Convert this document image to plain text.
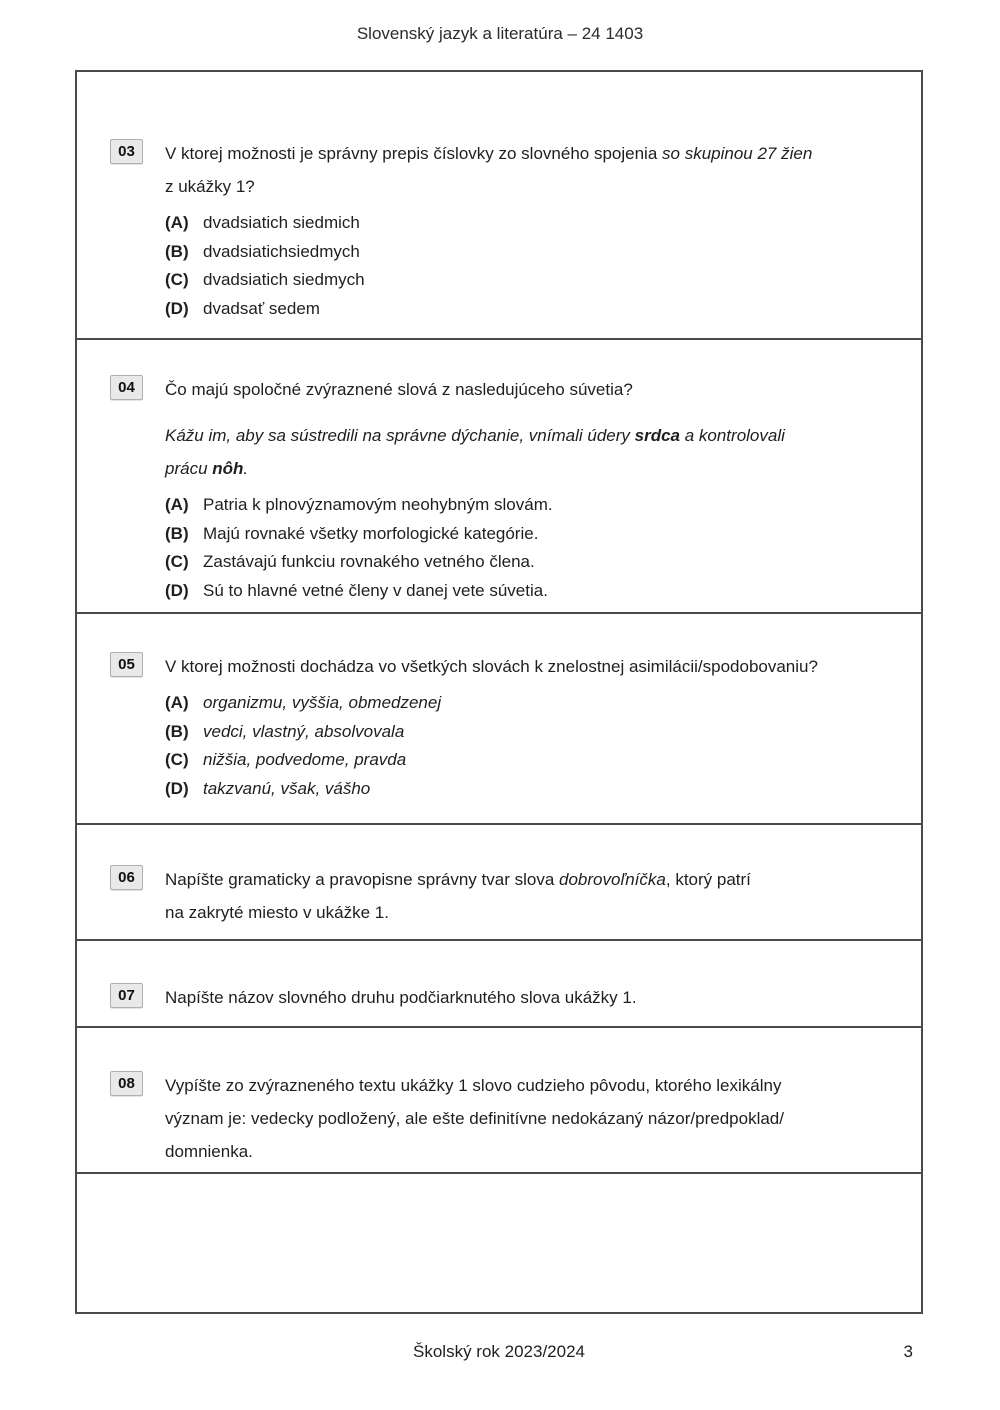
Slovenský jazyk a literatúra – 24 1403
03	V ktorej možnosti je správny prepis číslovky zo slovného spojenia so skupinou 27 žien
z ukážky 1?
(A) dvadsiatich siedmich
(B) dvadsiatichsiedmych
(C) dvadsiatich siedmych
(D) dvadsať sedem
04	Čo majú spoločné zvýraznené slová z nasledujúceho súvetia?
Kážu im, aby sa sústredili na správne dýchanie, vnímali údery srdca a kontrolovali
prácu nôh.
(A) Patria k plnovýznamovým neohybným slovám.
(B) Majú rovnaké všetky morfologické kategórie.
(C) Zastávajú funkciu rovnakého vetného člena.
(D) Sú to hlavné vetné členy v danej vete súvetia.
05	V ktorej možnosti dochádza vo všetkých slovách k znelostnej asimilácii/spodobovaniu?
(A) organizmu, vyššia, obmedzenej
(B) vedci, vlastný, absolvovala
(C) nižšia, podvedome, pravda
(D) takzvanú, však, vášho
06	Napíšte gramaticky a pravopisne správny tvar slova dobrovoľníčka, ktorý patrí
na zakryté miesto v ukážke 1.
07	Napíšte názov slovného druhu podčiarknutého slova ukážky 1.
08	Vypíšte zo zvýrazneného textu ukážky 1 slovo cudzieho pôvodu, ktorého lexikálny
význam je: vedecky podložený, ale ešte definitívne nedokázaný názor/predpoklad/
domnienka.
Školský rok 2023/2024	3
